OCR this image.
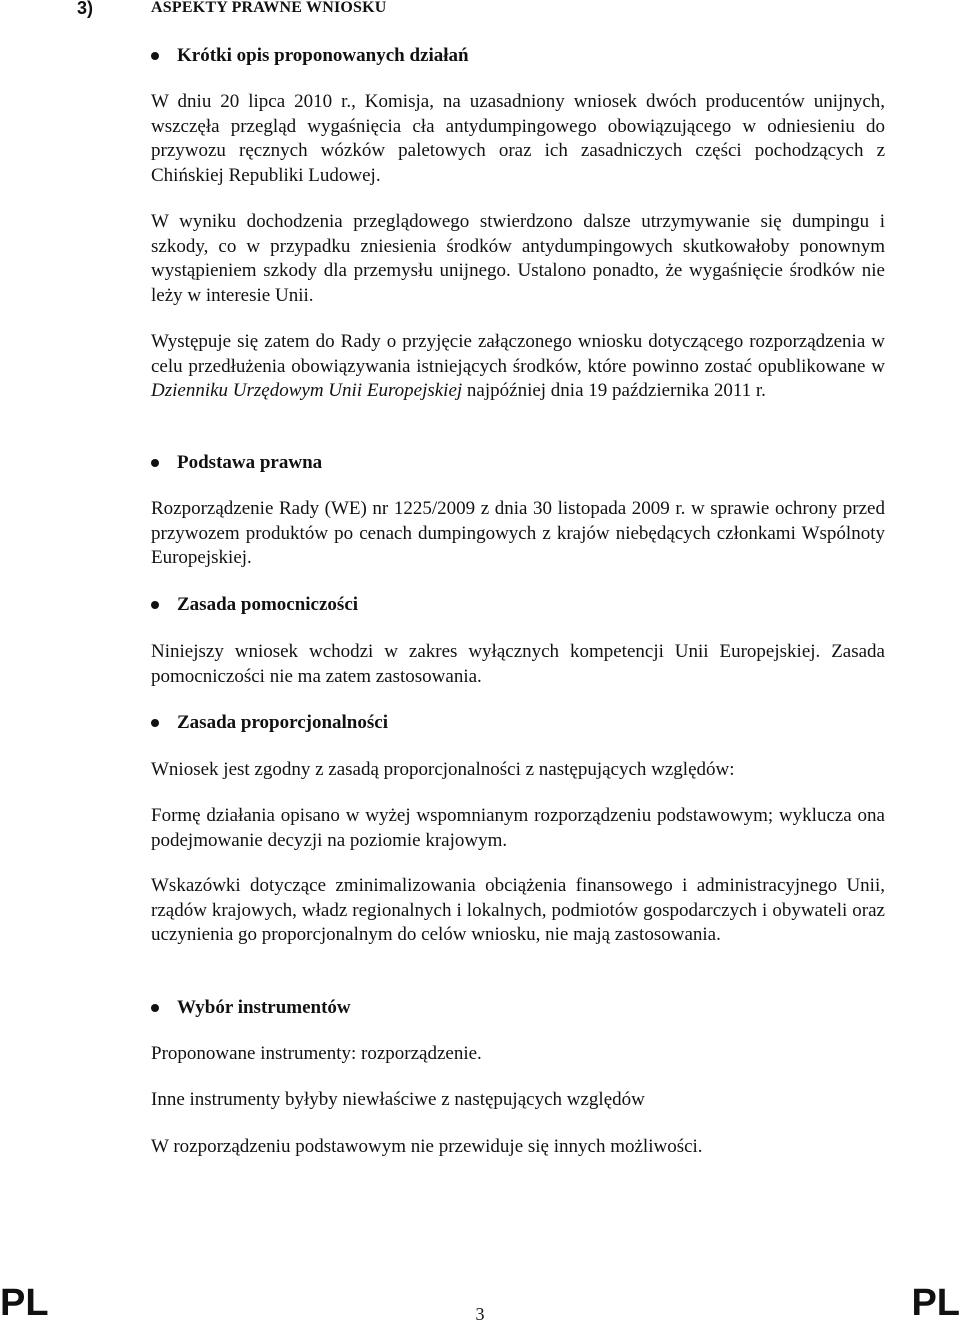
3)	ASPEKTY PRAWNE WNIOSKU
Krótki opis proponowanych działań

W dniu 20 lipca 2010 r., Komisja, na uzasadniony wniosek dwóch producentów unijnych, wszczęła przegląd wygaśnięcia cła antydumpingowego obowiązującego w odniesieniu do przywozu ręcznych wózków paletowych oraz ich zasadniczych części pochodzących z Chińskiej Republiki Ludowej.

W wyniku dochodzenia przeglądowego stwierdzono dalsze utrzymywanie się dumpingu i szkody, co w przypadku zniesienia środków antydumpingowych skutkowałoby ponownym wystąpieniem szkody dla przemysłu unijnego. Ustalono ponadto, że wygaśnięcie środków nie leży w interesie Unii.

Występuje się zatem do Rady o przyjęcie załączonego wniosku dotyczącego rozporządzenia w celu przedłużenia obowiązywania istniejących środków, które powinno zostać opublikowane w Dzienniku Urzędowym Unii Europejskiej najpóźniej dnia 19 października 2011 r.

Podstawa prawna

Rozporządzenie Rady (WE) nr 1225/2009 z dnia 30 listopada 2009 r. w sprawie ochrony przed przywozem produktów po cenach dumpingowych z krajów niebędących członkami Wspólnoty Europejskiej.

Zasada pomocniczości

Niniejszy wniosek wchodzi w zakres wyłącznych kompetencji Unii Europejskiej. Zasada pomocniczości nie ma zatem zastosowania.

Zasada proporcjonalności

Wniosek jest zgodny z zasadą proporcjonalności z następujących względów:

Formę działania opisano w wyżej wspomnianym rozporządzeniu podstawowym; wyklucza ona podejmowanie decyzji na poziomie krajowym.

Wskazówki dotyczące zminimalizowania obciążenia finansowego i administracyjnego Unii, rządów krajowych, władz regionalnych i lokalnych, podmiotów gospodarczych i obywateli oraz uczynienia go proporcjonalnym do celów wniosku, nie mają zastosowania.

Wybór instrumentów

Proponowane instrumenty: rozporządzenie.

Inne instrumenty byłyby niewłaściwe z następujących względów

W rozporządzeniu podstawowym nie przewiduje się innych możliwości.

PL	3	PL
